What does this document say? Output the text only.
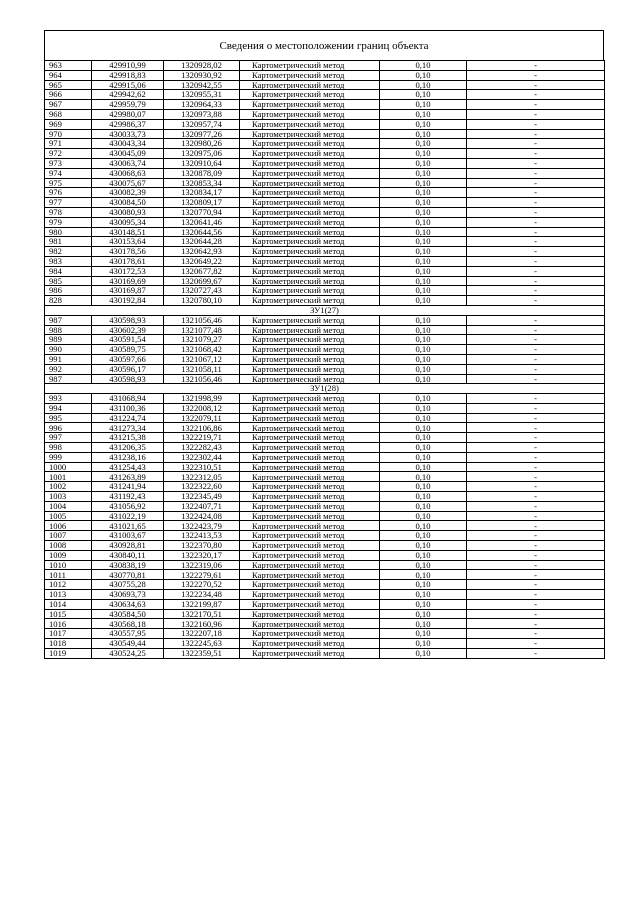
Сведения о местоположении границ объекта
963	429910,99	1320928,02	Картометрический метод	0,10	-
964	429918,83	1320930,92	Картометрический метод	0,10	-
965	429915,06	1320942,55	Картометрический метод	0,10	-
966	429942,62	1320955,31	Картометрический метод	0,10	-
967	429959,79	1320964,33	Картометрический метод	0,10	-
968	429980,07	1320973,88	Картометрический метод	0,10	-
969	429986,37	1320957,74	Картометрический метод	0,10	-
970	430033,73	1320977,26	Картометрический метод	0,10	-
971	430043,34	1320980,26	Картометрический метод	0,10	-
972	430045,09	1320975,06	Картометрический метод	0,10	-
973	430063,74	1320910,64	Картометрический метод	0,10	-
974	430068,63	1320878,09	Картометрический метод	0,10	-
975	430075,67	1320853,34	Картометрический метод	0,10	-
976	430082,39	1320834,17	Картометрический метод	0,10	-
977	430084,50	1320809,17	Картометрический метод	0,10	-
978	430080,93	1320770,94	Картометрический метод	0,10	-
979	430095,34	1320641,46	Картометрический метод	0,10	-
980	430148,51	1320644,56	Картометрический метод	0,10	-
981	430153,64	1320644,28	Картометрический метод	0,10	-
982	430178,56	1320642,93	Картометрический метод	0,10	-
983	430178,61	1320649,22	Картометрический метод	0,10	-
984	430172,53	1320677,82	Картометрический метод	0,10	-
985	430169,69	1320699,67	Картометрический метод	0,10	-
986	430169,87	1320727,43	Картометрический метод	0,10	-
828	430192,84	1320780,10	Картометрический метод	0,10	-
ЗУ1(27)					
987	430598,93	1321056,46	Картометрический метод	0,10	-
988	430602,39	1321077,48	Картометрический метод	0,10	-
989	430591,54	1321079,27	Картометрический метод	0,10	-
990	430589,75	1321068,42	Картометрический метод	0,10	-
991	430597,66	1321067,12	Картометрический метод	0,10	-
992	430596,17	1321058,11	Картометрический метод	0,10	-
987	430598,93	1321056,46	Картометрический метод	0,10	-
ЗУ1(28)					
993	431068,94	1321998,99	Картометрический метод	0,10	-
994	431100,36	1322008,12	Картометрический метод	0,10	-
995	431224,74	1322079,11	Картометрический метод	0,10	-
996	431273,34	1322106,86	Картометрический метод	0,10	-
997	431215,38	1322219,71	Картометрический метод	0,10	-
998	431206,35	1322282,43	Картометрический метод	0,10	-
999	431238,16	1322302,44	Картометрический метод	0,10	-
1000	431254,43	1322310,51	Картометрический метод	0,10	-
1001	431263,89	1322312,05	Картометрический метод	0,10	-
1002	431241,94	1322322,60	Картометрический метод	0,10	-
1003	431192,43	1322345,49	Картометрический метод	0,10	-
1004	431056,92	1322407,71	Картометрический метод	0,10	-
1005	431022,19	1322424,08	Картометрический метод	0,10	-
1006	431021,65	1322423,79	Картометрический метод	0,10	-
1007	431003,67	1322413,53	Картометрический метод	0,10	-
1008	430928,81	1322370,80	Картометрический метод	0,10	-
1009	430840,11	1322320,17	Картометрический метод	0,10	-
1010	430838,19	1322319,06	Картометрический метод	0,10	-
1011	430770,81	1322279,61	Картометрический метод	0,10	-
1012	430755,28	1322270,52	Картометрический метод	0,10	-
1013	430693,73	1322234,48	Картометрический метод	0,10	-
1014	430634,63	1322199,87	Картометрический метод	0,10	-
1015	430584,50	1322170,51	Картометрический метод	0,10	-
1016	430568,18	1322160,96	Картометрический метод	0,10	-
1017	430557,95	1322207,18	Картометрический метод	0,10	-
1018	430549,44	1322245,63	Картометрический метод	0,10	-
1019	430524,25	1322359,51	Картометрический метод	0,10	-
